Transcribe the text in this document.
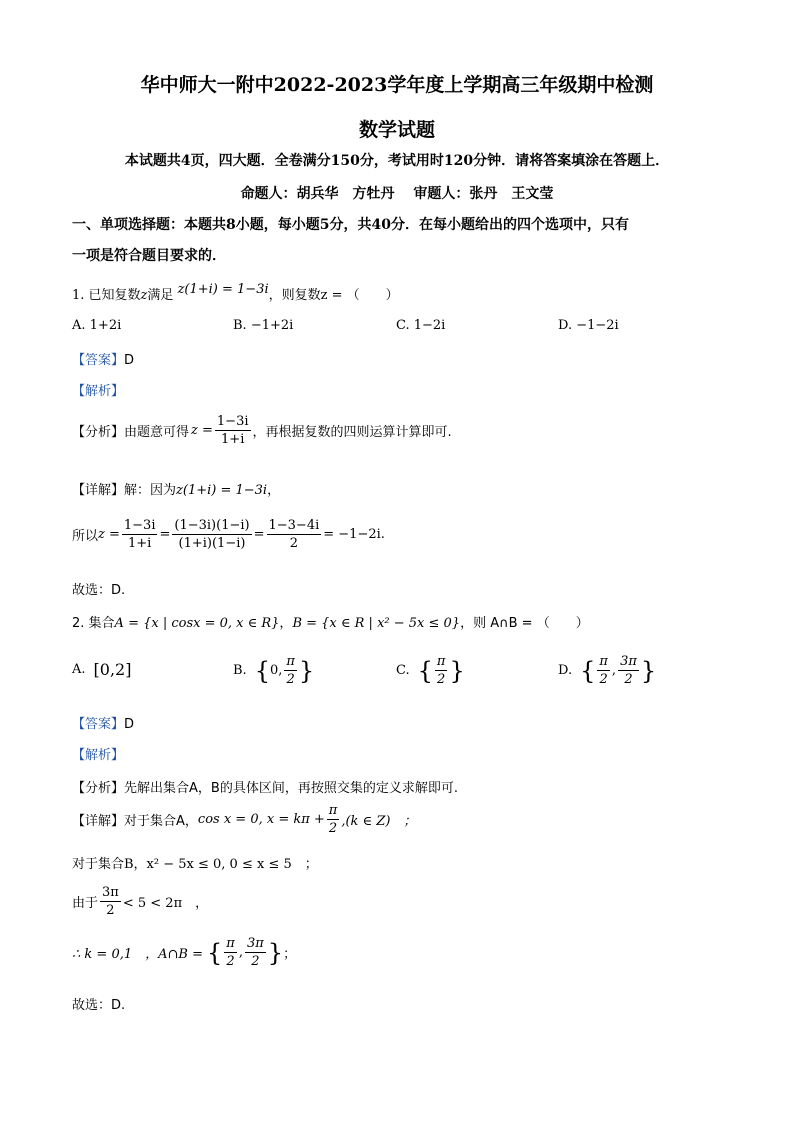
华中师大一附中2022-2023学年度上学期高三年级期中检测
数学试题
本试题共4页，四大题．全卷满分150分，考试用时120分钟．请将答案填涂在答题上．
命题人：胡兵华　方牡丹　 审题人：张丹　王文莹
一、单项选择题：本题共8小题，每小题5分，共40分．在每小题给出的四个选项中，只有
一项是符合题目要求的．
1. 已知复数z满足 z(1+i) = 1−3i，则复数z = （　　）
A. 1+2i	B. −1+2i	C. 1−2i	D. −1−2i
【答案】D
【解析】
【分析】 由题意可得 $z = \frac{1-3i}{1+i}$ ，再根据复数的四则运算计算即可.
【详解】解：因为z(1+i) = 1−3i，
所以 $z = \frac{1-3i}{1+i} = \frac{(1-3i)(1-i)}{(1+i)(1-i)} = \frac{1-3-4i}{2} = -1-2i$ .
故选：D.
2. 集合A = {x | cosx = 0, x ∈ R}，B = {x ∈ R | x² − 5x ≤ 0}，则 A∩B = （　　）
A. [0,2]	B. { 0, $\frac{\pi}{2}$ }	C. { $\frac{\pi}{2}$ }	D. { $\frac{\pi}{2}$ , $\frac{3\pi}{2}$ }
【答案】D
【解析】
【分析】先解出集合A，B的具体区间，再按照交集的定义求解即可.
【详解】 对于集合A， cos x = 0, $x = k\pi + \frac{\pi}{2} ,(k$ ∈ Z)　；
对于集合B，x² − 5x ≤ 0, 0 ≤ x ≤ 5　；
由于 $\frac{3\pi}{2} < 5 < 2\pi$　，
∴ k = 0,1　，A∩B = { $\frac{\pi}{2}$ , $\frac{3\pi}{2}$ } ；
故选：D.
